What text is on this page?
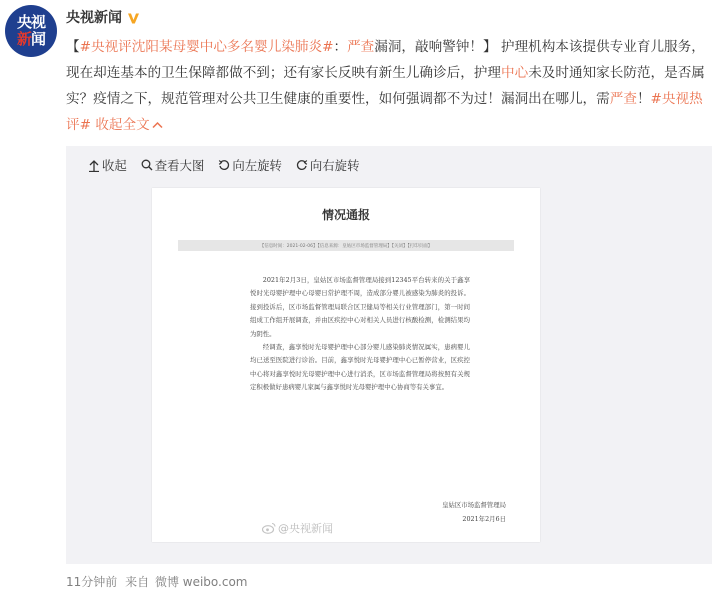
央视
新闻
央视新闻
【#央视评沈阳某母婴中心多名婴儿染肺炎#：严查漏洞，敲响警钟！】 护理机构本该提供专业育儿服务，现在却连基本的卫生保障都做不到；还有家长反映有新生儿确诊后，护理中心未及时通知家长防范，是否属实？疫情之下，规范管理对公共卫生健康的重要性，如何强调都不为过！漏洞出在哪儿，需严查！#央视热评# 收起全文
收起 查看大图 向左旋转 向右旋转
情况通报
【信息时间：2021-02-06】【信息来源：皇姑区市场监督管理局】【关闭】【打印页面】

2021年2月3日，皇姑区市场监督管理局接到12345平台转来的关于鑫享悦时光母婴护理中心母婴日常护理不周，造成部分婴儿被感染为肺炎的投诉。接到投诉后，区市场监督管理局联合区卫健局等相关行业管理部门，第一时间组成工作组开展调查，并由区疾控中心对相关人员进行核酸检测，检测结果均为阴性。

经调查，鑫享悦时光母婴护理中心部分婴儿感染肺炎情况属实，患病婴儿均已送至医院进行诊治。目前，鑫享悦时光母婴护理中心已暂停营业，区疾控中心将对鑫享悦时光母婴护理中心进行消杀，区市场监督管理局将按照有关规定积极做好患病婴儿家属与鑫享悦时光母婴护理中心协商等有关事宜。

皇姑区市场监督管理局
2021年2月6日
@央视新闻
11分钟前 来自 微博 weibo.com
